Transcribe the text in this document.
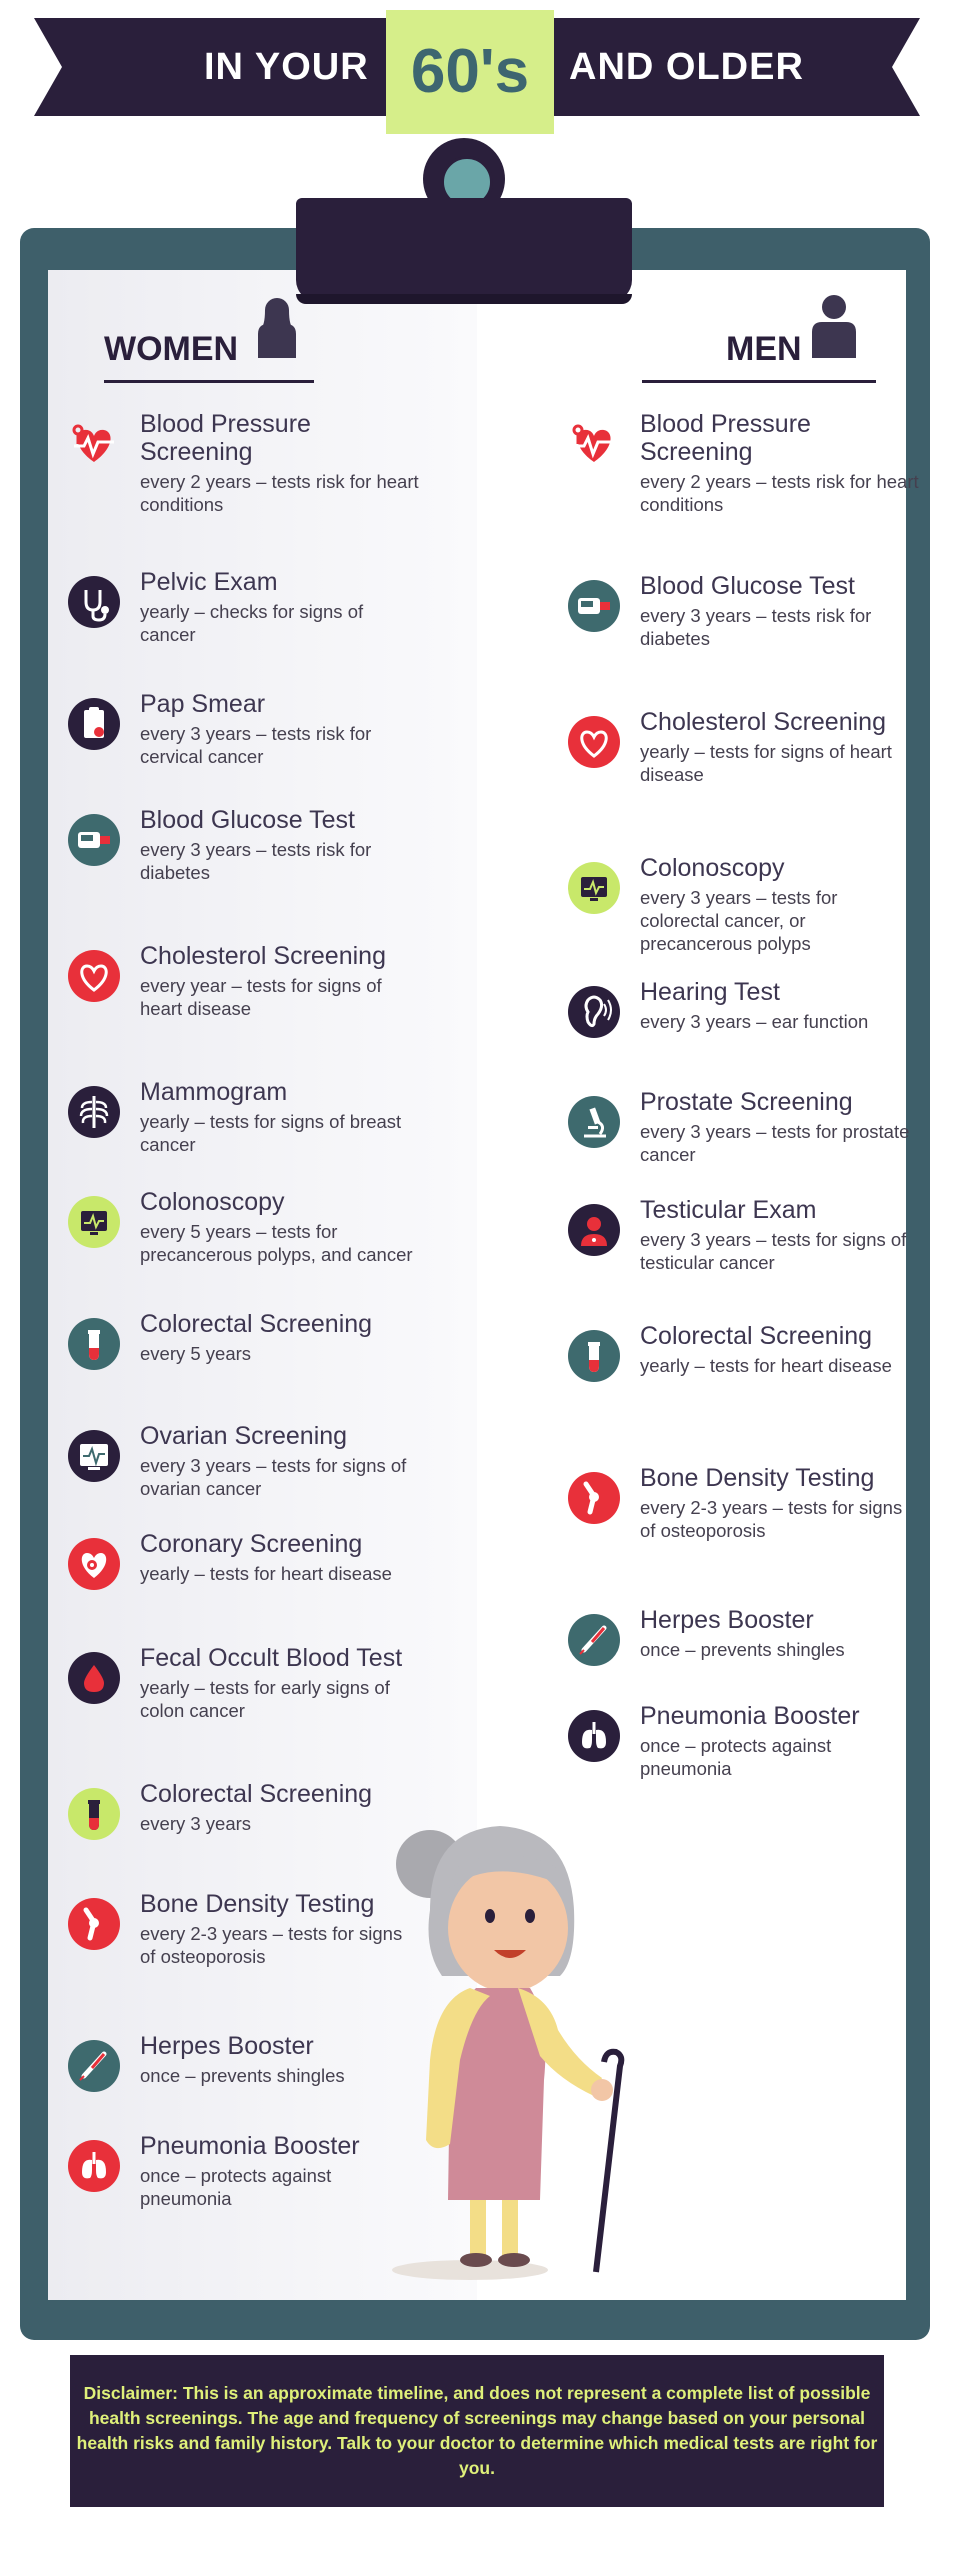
IN YOUR 60's	AND OLDER
WOMEN	MEN
Blood Pressure Screening
every 2 years – tests risk for heart conditions
Pelvic Exam
yearly – checks for signs of cancer
Pap Smear
every 3 years – tests risk for cervical cancer
Blood Glucose Test
every 3 years – tests risk for diabetes
Cholesterol Screening
every year – tests for signs of heart disease
Mammogram
yearly – tests for signs of breast cancer
Colonoscopy
every 5 years – tests for precancerous polyps, and cancer
Colorectal Screening
every 5 years
Ovarian Screening
every 3 years – tests for signs of ovarian cancer
Coronary Screening
yearly – tests for heart disease
Fecal Occult Blood Test
yearly – tests for early signs of colon cancer
Colorectal Screening
every 3 years
Bone Density Testing
every 2-3 years – tests for signs of osteoporosis
Herpes Booster
once – prevents shingles
Pneumonia Booster
once – protects against pneumonia
Blood Pressure Screening
every 2 years – tests risk for heart conditions
Blood Glucose Test
every 3 years – tests risk for diabetes
Cholesterol Screening
yearly – tests for signs of heart disease
Colonoscopy
every 3 years – tests for colorectal cancer, or precancerous polyps
Hearing Test
every 3 years – ear function
Prostate Screening
every 3 years – tests for prostate cancer
Testicular Exam
every 3 years – tests for signs of testicular cancer
Colorectal Screening
yearly – tests for heart disease
Bone Density Testing
every 2-3 years – tests for signs of osteoporosis
Herpes Booster
once – prevents shingles
Pneumonia Booster
once – protects against pneumonia
Disclaimer: This is an approximate timeline, and does not represent a complete list of possible health screenings. The age and frequency of screenings may change based on your personal health risks and family history. Talk to your doctor to determine which medical tests are right for you.
